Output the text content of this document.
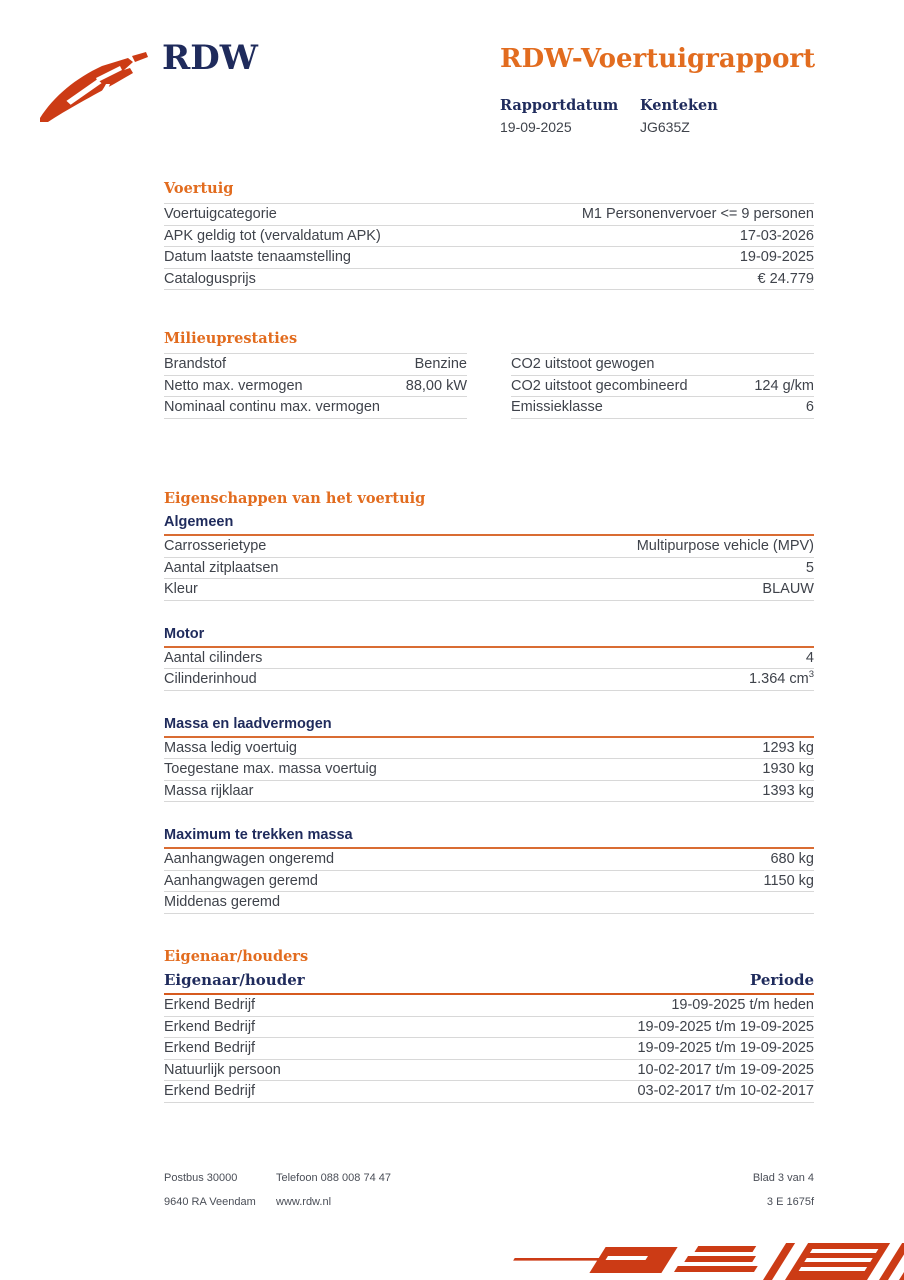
RDW	RDW-Voertuigrapport
Rapportdatum
19-09-2025
Kenteken
JG635Z
Voertuig
Voertuigcategorie	M1 Personenvervoer <= 9 personen
APK geldig tot (vervaldatum APK)	17-03-2026
Datum laatste tenaamstelling	19-09-2025
Catalogusprijs	€ 24.779
Milieuprestaties
Brandstof	Benzine
Netto max. vermogen	88,00 kW
Nominaal continu max. vermogen
CO2 uitstoot gewogen
CO2 uitstoot gecombineerd	124 g/km
Emissieklasse	6
Eigenschappen van het voertuig
Algemeen
Carrosserietype	Multipurpose vehicle (MPV)
Aantal zitplaatsen	5
Kleur	BLAUW
Motor
Aantal cilinders	4
Cilinderinhoud	1.364 $cm^3$
Massa en laadvermogen
Massa ledig voertuig	1293 kg
Toegestane max. massa voertuig	1930 kg
Massa rijklaar	1393 kg
Maximum te trekken massa
Aanhangwagen ongeremd	680 kg
Aanhangwagen geremd	1150 kg
Middenas geremd
Eigenaar/houders
Eigenaar/houder	Periode
Erkend Bedrijf	19-09-2025 t/m heden
Erkend Bedrijf	19-09-2025 t/m 19-09-2025
Erkend Bedrijf	19-09-2025 t/m 19-09-2025
Natuurlijk persoon	10-02-2017 t/m 19-09-2025
Erkend Bedrijf	03-02-2017 t/m 10-02-2017
Postbus 30000
9640 RA Veendam
Telefoon 088 008 74 47
www.rdw.nl
Blad 3 van 4
3 E 1675f
